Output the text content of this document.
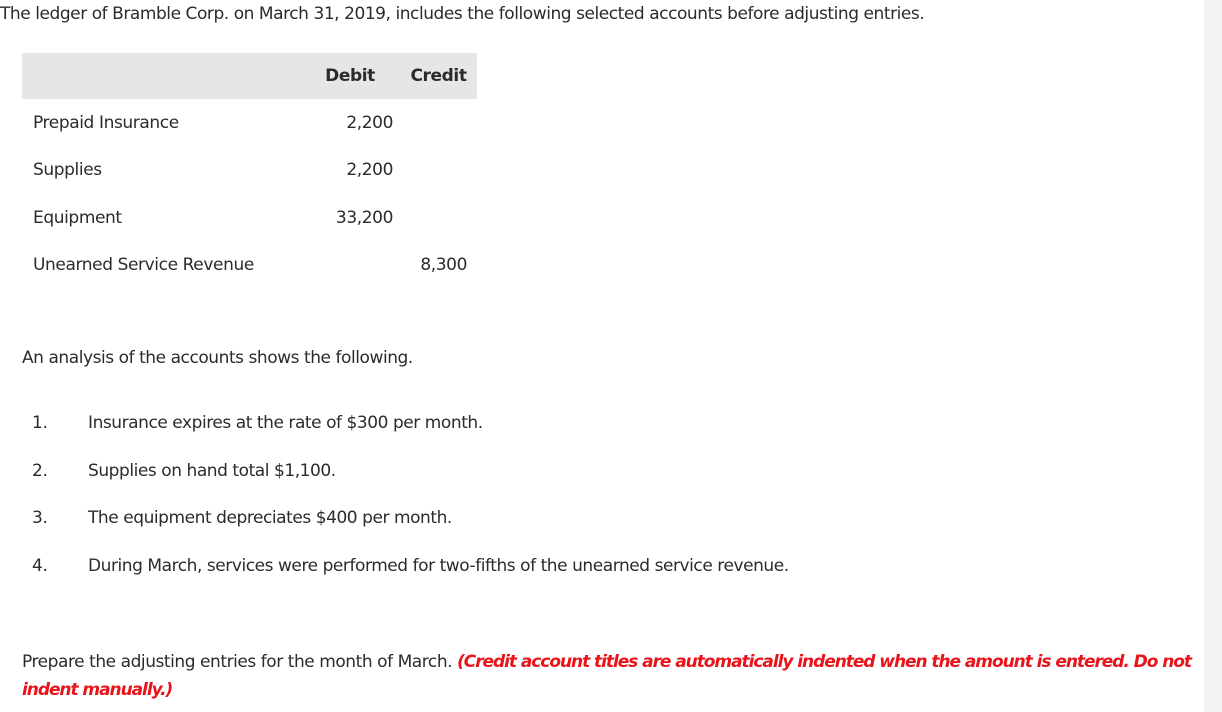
The ledger of Bramble Corp. on March 31, 2019, includes the following selected accounts before adjusting entries.
	Debit	Credit
Prepaid Insurance	2,200	
Supplies	2,200	
Equipment	33,200	
Unearned Service Revenue		8,300
An analysis of the accounts shows the following.
1. Insurance expires at the rate of $300 per month.
2. Supplies on hand total $1,100.
3. The equipment depreciates $400 per month.
4. During March, services were performed for two-fifths of the unearned service revenue.
Prepare the adjusting entries for the month of March. (Credit account titles are automatically indented when the amount is entered. Do not indent manually.)
